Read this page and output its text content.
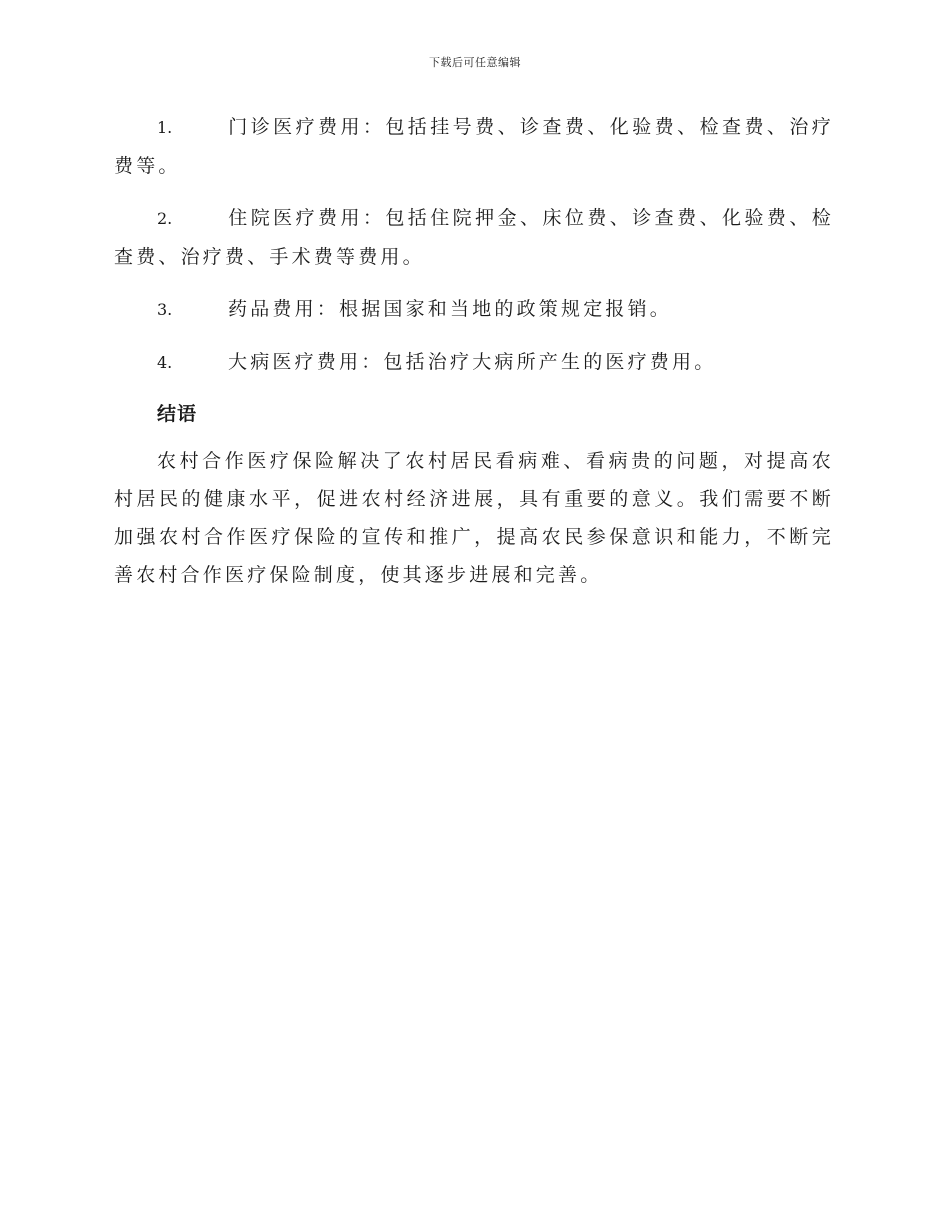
下载后可任意编辑
1.	门诊医疗费用：包括挂号费、诊查费、化验费、检查费、治疗费等。
2.	住院医疗费用：包括住院押金、床位费、诊查费、化验费、检查费、治疗费、手术费等费用。
3.	药品费用：根据国家和当地的政策规定报销。
4.	大病医疗费用：包括治疗大病所产生的医疗费用。
结语

农村合作医疗保险解决了农村居民看病难、看病贵的问题，对提高农村居民的健康水平，促进农村经济进展，具有重要的意义。我们需要不断加强农村合作医疗保险的宣传和推广，提高农民参保意识和能力，不断完善农村合作医疗保险制度，使其逐步进展和完善。
